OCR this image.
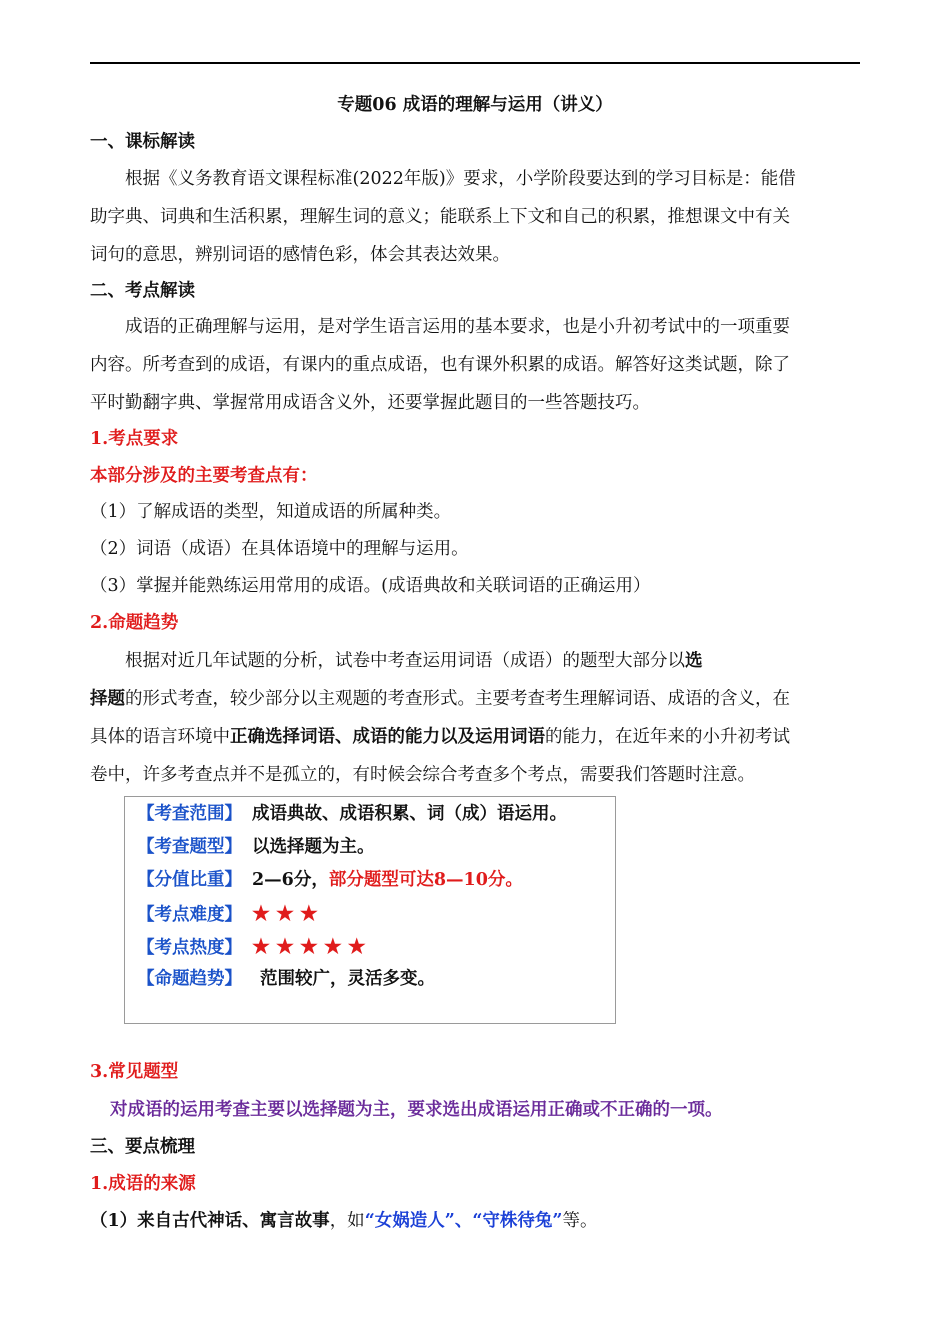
专题06 成语的理解与运用（讲义）
一、课标解读
根据《义务教育语文课程标准(2022年版)》要求，小学阶段要达到的学习目标是：能借
助字典、词典和生活积累，理解生词的意义；能联系上下文和自己的积累，推想课文中有关
词句的意思，辨别词语的感情色彩，体会其表达效果。
二、考点解读
成语的正确理解与运用，是对学生语言运用的基本要求，也是小升初考试中的一项重要
内容。所考查到的成语，有课内的重点成语，也有课外积累的成语。解答好这类试题，除了
平时勤翻字典、掌握常用成语含义外，还要掌握此题目的一些答题技巧。
1.考点要求
本部分涉及的主要考查点有：
（1）了解成语的类型，知道成语的所属种类。
（2）词语（成语）在具体语境中的理解与运用。
（3）掌握并能熟练运用常用的成语。(成语典故和关联词语的正确运用）
2.命题趋势
根据对近几年试题的分析，试卷中考查运用词语（成语）的题型大部分以选
择题的形式考查，较少部分以主观题的考查形式。主要考查考生理解词语、成语的含义，在
具体的语言环境中正确选择词语、成语的能力以及运用词语的能力，在近年来的小升初考试
卷中，许多考查点并不是孤立的，有时候会综合考查多个考点，需要我们答题时注意。
【考查范围】 成语典故、成语积累、词（成）语运用。
【考查题型】 以选择题为主。
【分值比重】 2—6分，部分题型可达8—10分。
【考点难度】 ★ ★ ★
【考点热度】 ★ ★ ★ ★ ★
【命题趋势】 范围较广，灵活多变。
3.常见题型
对成语的运用考查主要以选择题为主，要求选出成语运用正确或不正确的一项。
三、要点梳理
1.成语的来源
（1）来自古代神话、寓言故事，如“女娲造人”、“守株待兔”等。
